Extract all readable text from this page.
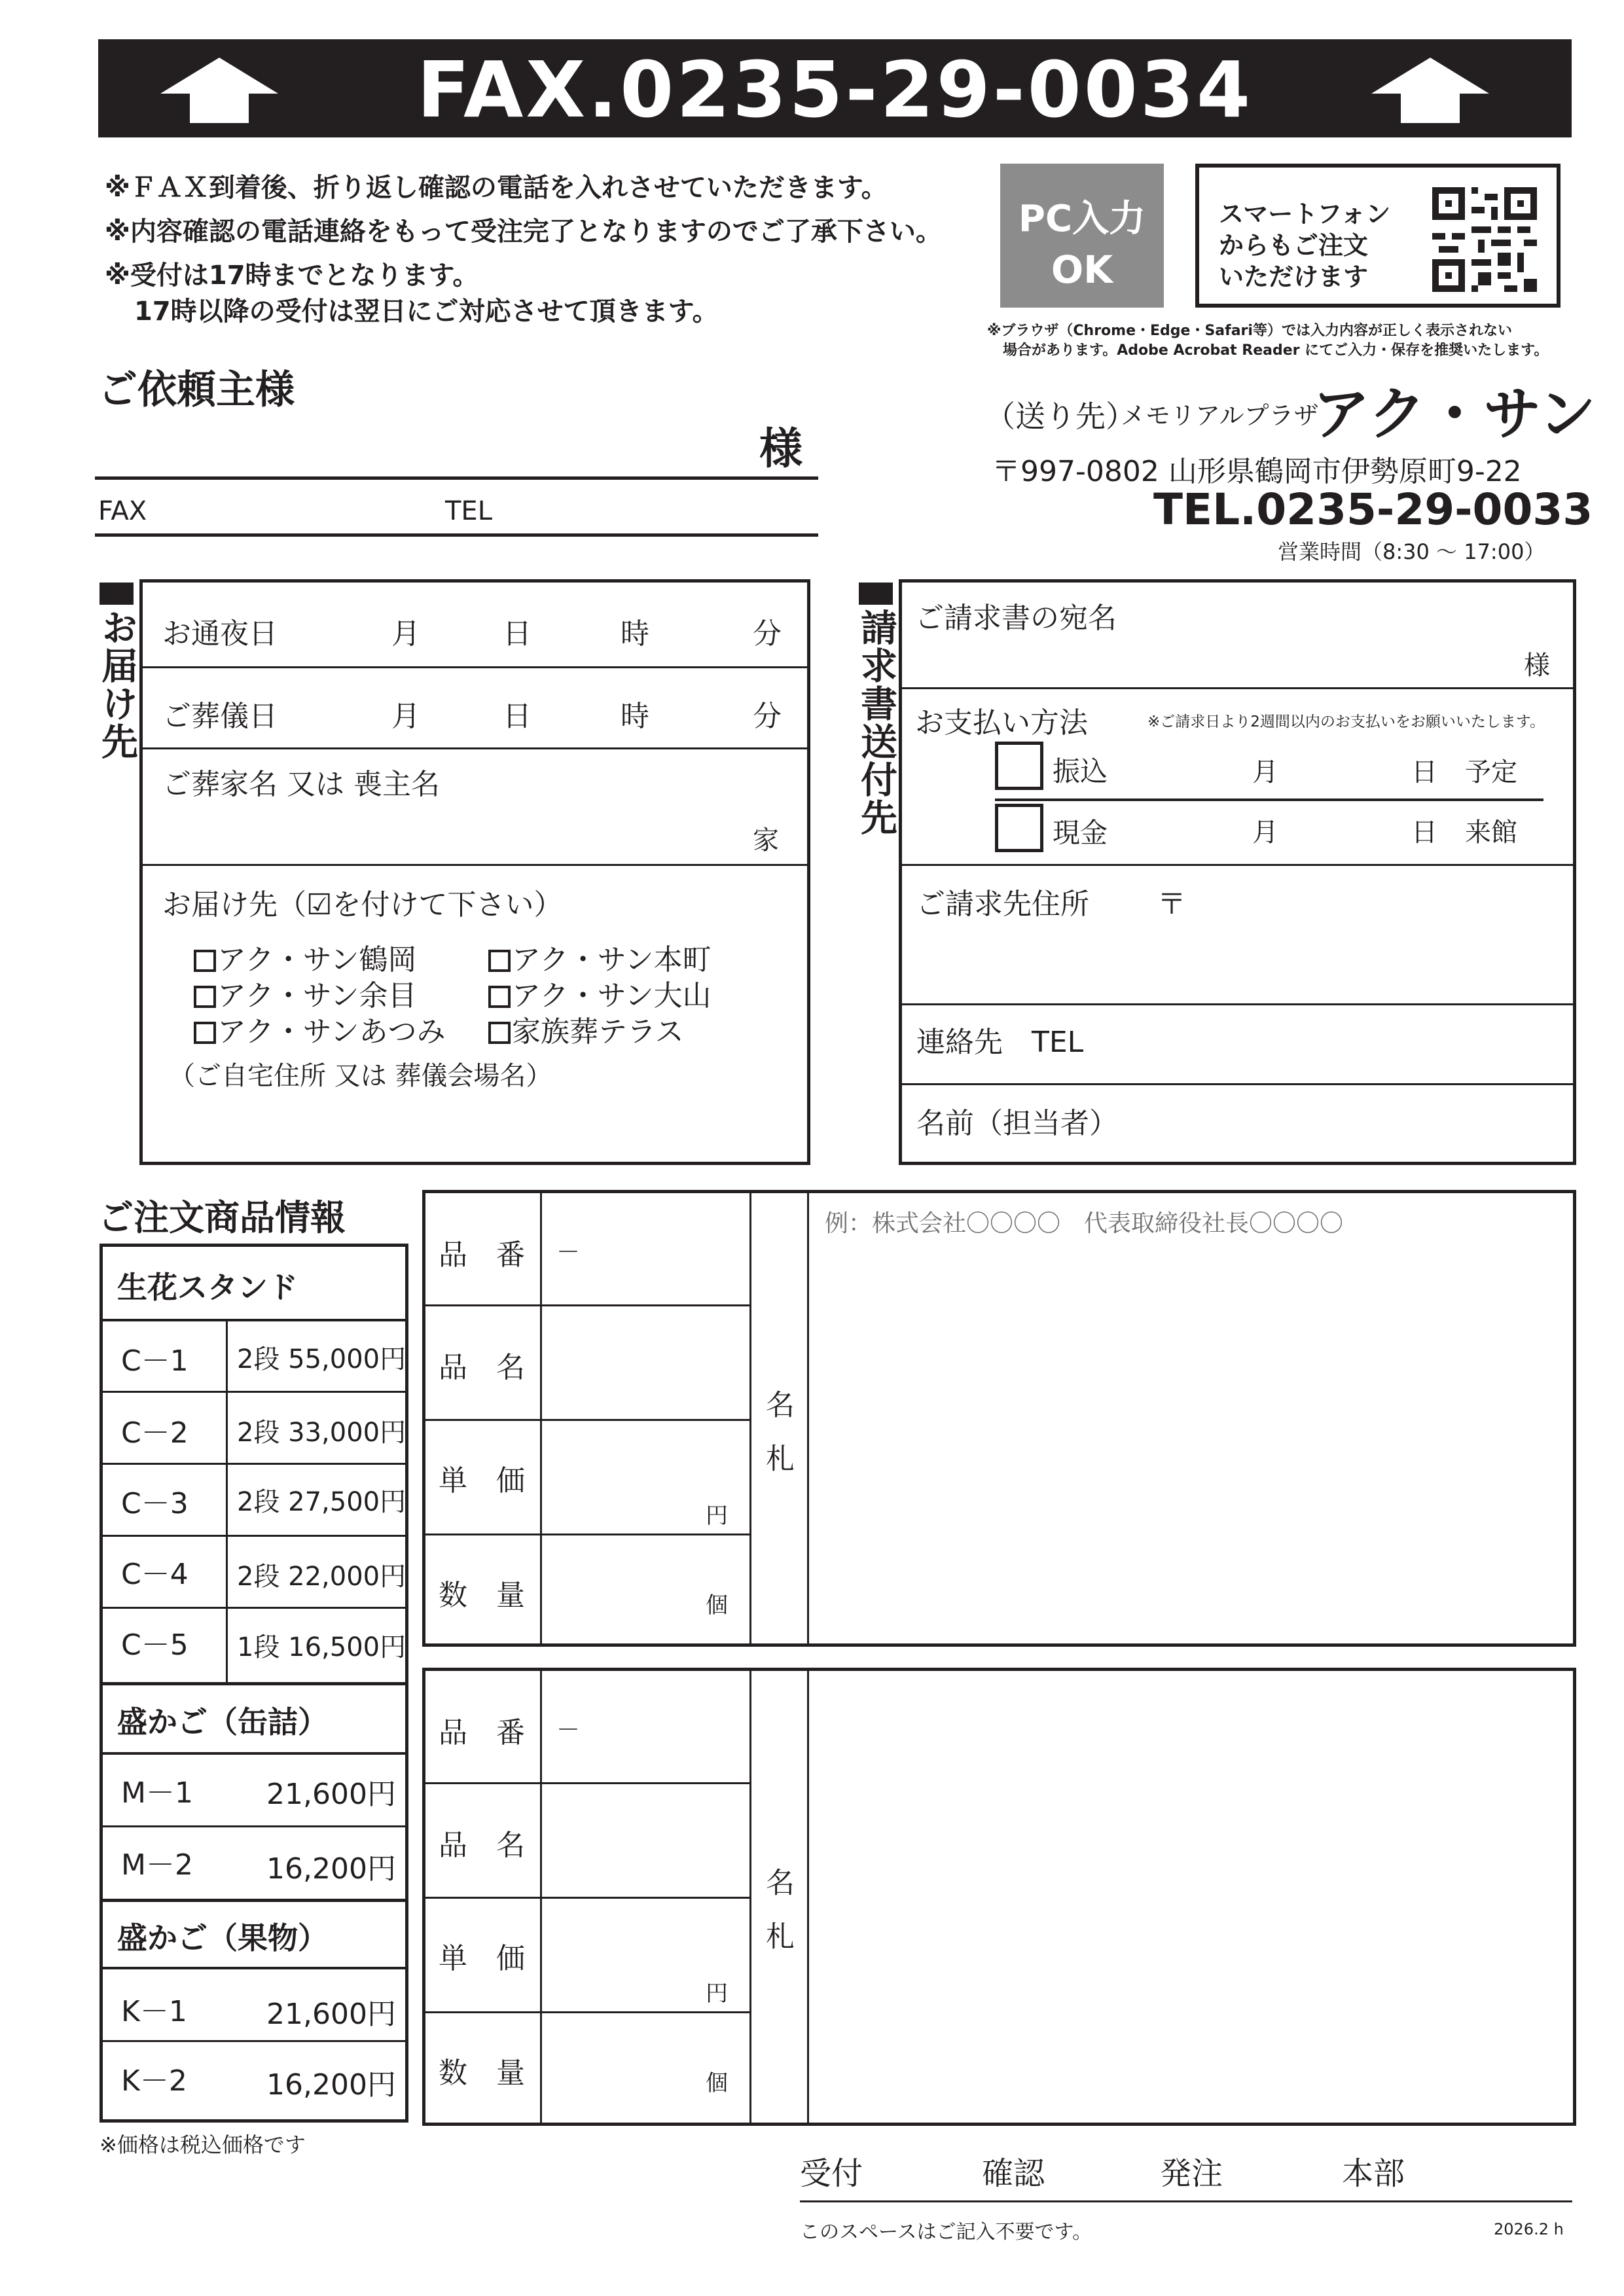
FAX.0235-29-0034
※ＦＡＸ到着後、折り返し確認の電話を入れさせていただきます。
※内容確認の電話連絡をもって受注完了となりますのでご了承下さい。
※受付は17時までとなります。
17時以降の受付は翌日にご対応させて頂きます。
PC入力
OK
スマートフォン
からもご注文
いただけます
※ブラウザ（Chrome・Edge・Safari等）では入力内容が正しく表示されない
場合があります。Adobe Acrobat Reader にてご入力・保存を推奨いたします。
ご依頼主様
様
FAX	TEL
（送り先）
メモリアルプラザ
アク・サン
〒997-0802 山形県鶴岡市伊勢原町9-22
TEL.0235-29-0033
営業時間（8:30 〜 17:00）
お届け先 お通夜日	月	日	時	分
ご葬儀日	月	日	時	分
ご葬家名 又は 喪主名
家
お届け先（☑を付けて下さい）
アク・サン鶴岡	アク・サン本町
アク・サン余目	アク・サン大山
アク・サンあつみ	家族葬テラス
（ご自宅住所 又は 葬儀会場名）
請求書送付先 ご請求書の宛名
様
お支払い方法	※ご請求日より2週間以内のお支払いをお願いいたします。
振込	月	日 予定
現金	月	日 来館
ご請求先住所 〒
連絡先　TEL
名前（担当者）
ご注文商品情報
生花スタンド
C－1 2段 55,000円
C－2 2段 33,000円
C－3 2段 27,500円
C－4 2段 22,000円
C－5 1段 16,500円
盛かご（缶詰）
M－1	21,600円
M－2	16,200円
盛かご（果物）
K－1	21,600円
K－2	16,200円
※価格は税込価格です
品　番 －
品　名
単　価
円
数　量	個
名札
例：株式会社〇〇〇〇　代表取締役社長〇〇〇〇
品　番 －
品　名
単　価
円
数　量	個
名札
受付	確認	発注	本部
このスペースはご記入不要です。	2026.2 h
